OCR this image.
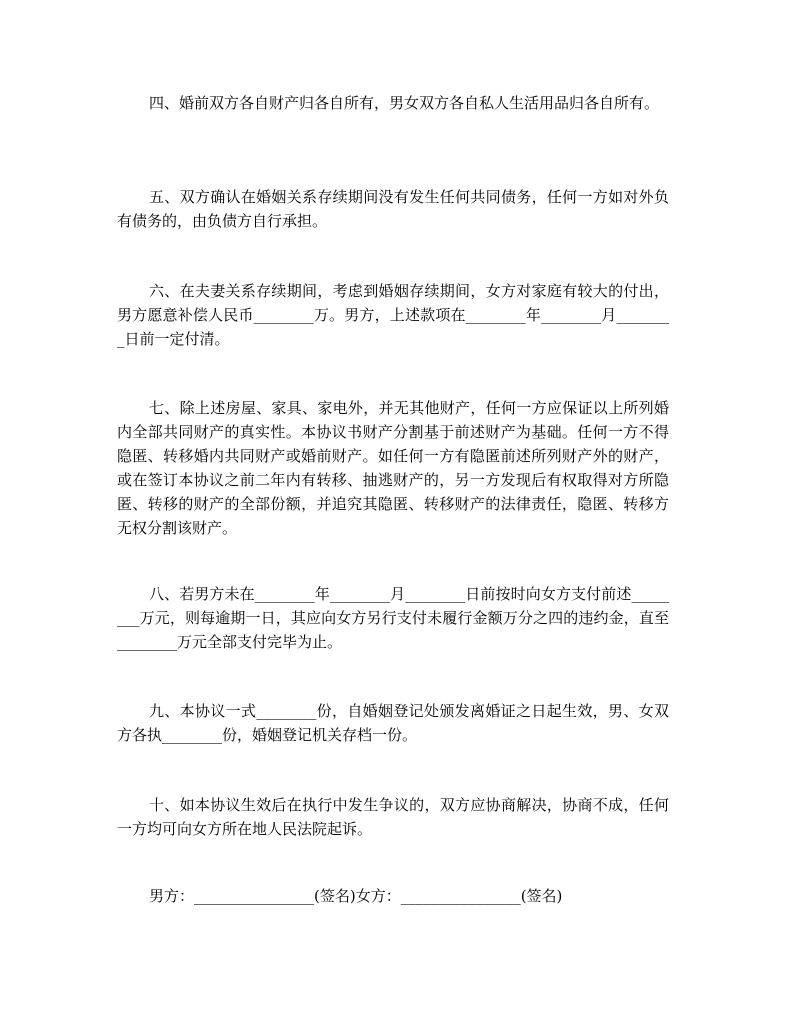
四、婚前双方各自财产归各自所有，男女双方各自私人生活用品归各自所有。

五、双方确认在婚姻关系存续期间没有发生任何共同债务，任何一方如对外负有债务的，由负债方自行承担。

六、在夫妻关系存续期间，考虑到婚姻存续期间，女方对家庭有较大的付出，男方愿意补偿人民币________万。男方，上述款项在________年________月________日前一定付清。

七、除上述房屋、家具、家电外，并无其他财产，任何一方应保证以上所列婚内全部共同财产的真实性。本协议书财产分割基于前述财产为基础。任何一方不得隐匿、转移婚内共同财产或婚前财产。如任何一方有隐匿前述所列财产外的财产，或在签订本协议之前二年内有转移、抽逃财产的，另一方发现后有权取得对方所隐匿、转移的财产的全部份额，并追究其隐匿、转移财产的法律责任，隐匿、转移方无权分割该财产。

八、若男方未在________年________月________日前按时向女方支付前述________万元，则每逾期一日，其应向女方另行支付未履行金额万分之四的违约金，直至________万元全部支付完毕为止。

九、本协议一式________份，自婚姻登记处颁发离婚证之日起生效，男、女双方各执________份，婚姻登记机关存档一份。

十、如本协议生效后在执行中发生争议的，双方应协商解决，协商不成，任何一方均可向女方所在地人民法院起诉。

男方：________________(签名)女方：________________(签名)
